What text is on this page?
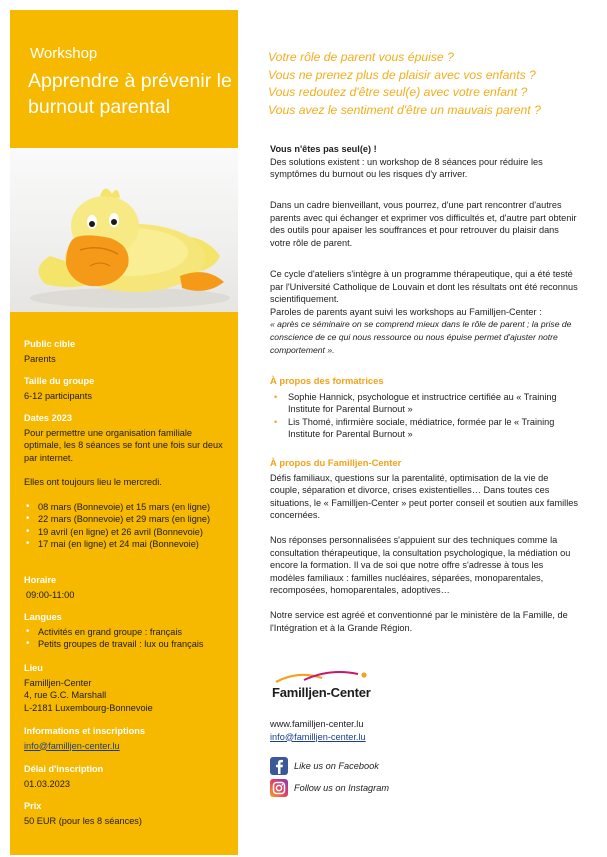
Workshop
Apprendre à prévenir le burnout parental
Public cible
Parents
Taille du groupe
6-12 participants
Dates 2023
Pour permettre une organisation familiale optimale, les 8 séances se font une fois sur deux par internet.
Elles ont toujours lieu le mercredi.
• 08 mars (Bonnevoie) et 15 mars (en ligne)
• 22 mars (Bonnevoie) et 29 mars (en ligne)
• 19 avril (en ligne) et 26 avril (Bonnevoie)
• 17 mai (en ligne) et 24 mai (Bonnevoie)
Horaire
09:00-11:00
Langues
• Activités en grand groupe : français
• Petits groupes de travail : lux ou français
Lieu
Familljen-Center
4, rue G.C. Marshall
L-2181 Luxembourg-Bonnevoie
Informations et inscriptions
info@familljen-center.lu
Délai d'inscription
01.03.2023
Prix
50 EUR (pour les 8 séances)
Votre rôle de parent vous épuise ?
Vous ne prenez plus de plaisir avec vos enfants ?
Vous redoutez d'être seul(e) avec votre enfant ?
Vous avez le sentiment d'être un mauvais parent ?
Vous n'êtes pas seul(e) !
Des solutions existent : un workshop de 8 séances pour réduire les symptômes du burnout ou les risques d'y arriver.
Dans un cadre bienveillant, vous pourrez, d'une part rencontrer d'autres parents avec qui échanger et exprimer vos difficultés et, d'autre part obtenir des outils pour apaiser les souffrances et pour retrouver du plaisir dans votre rôle de parent.
Ce cycle d'ateliers s'intègre à un programme thérapeutique, qui a été testé par l'Université Catholique de Louvain et dont les résultats ont été reconnus scientifiquement.
Paroles de parents ayant suivi les workshops au Familljen-Center :
« après ce séminaire on se comprend mieux dans le rôle de parent ; la prise de conscience de ce qui nous ressource ou nous épuise permet d'ajuster notre comportement ».
À propos des formatrices
• Sophie Hannick, psychologue et instructrice certifiée au « Training Institute for Parental Burnout »
• Lis Thomé, infirmière sociale, médiatrice, formée par le « Training Institute for Parental Burnout »
À propos du Familljen-Center
Défis familiaux, questions sur la parentalité, optimisation de la vie de couple, séparation et divorce, crises existentielles… Dans toutes ces situations, le « Familljen-Center » peut porter conseil et soutien aux familles concernées.
Nos réponses personnalisées s'appuient sur des techniques comme la consultation thérapeutique, la consultation psychologique, la médiation ou encore la formation. Il va de soi que notre offre s'adresse à tous les modèles familiaux : familles nucléaires, séparées, monoparentales, recomposées, homoparentales, adoptives…
Notre service est agréé et conventionné par le ministère de la Famille, de l'Intégration et à la Grande Région.
Familljen-Center
www.familljen-center.lu
info@familljen-center.lu
Like us on Facebook
Follow us on Instagram
